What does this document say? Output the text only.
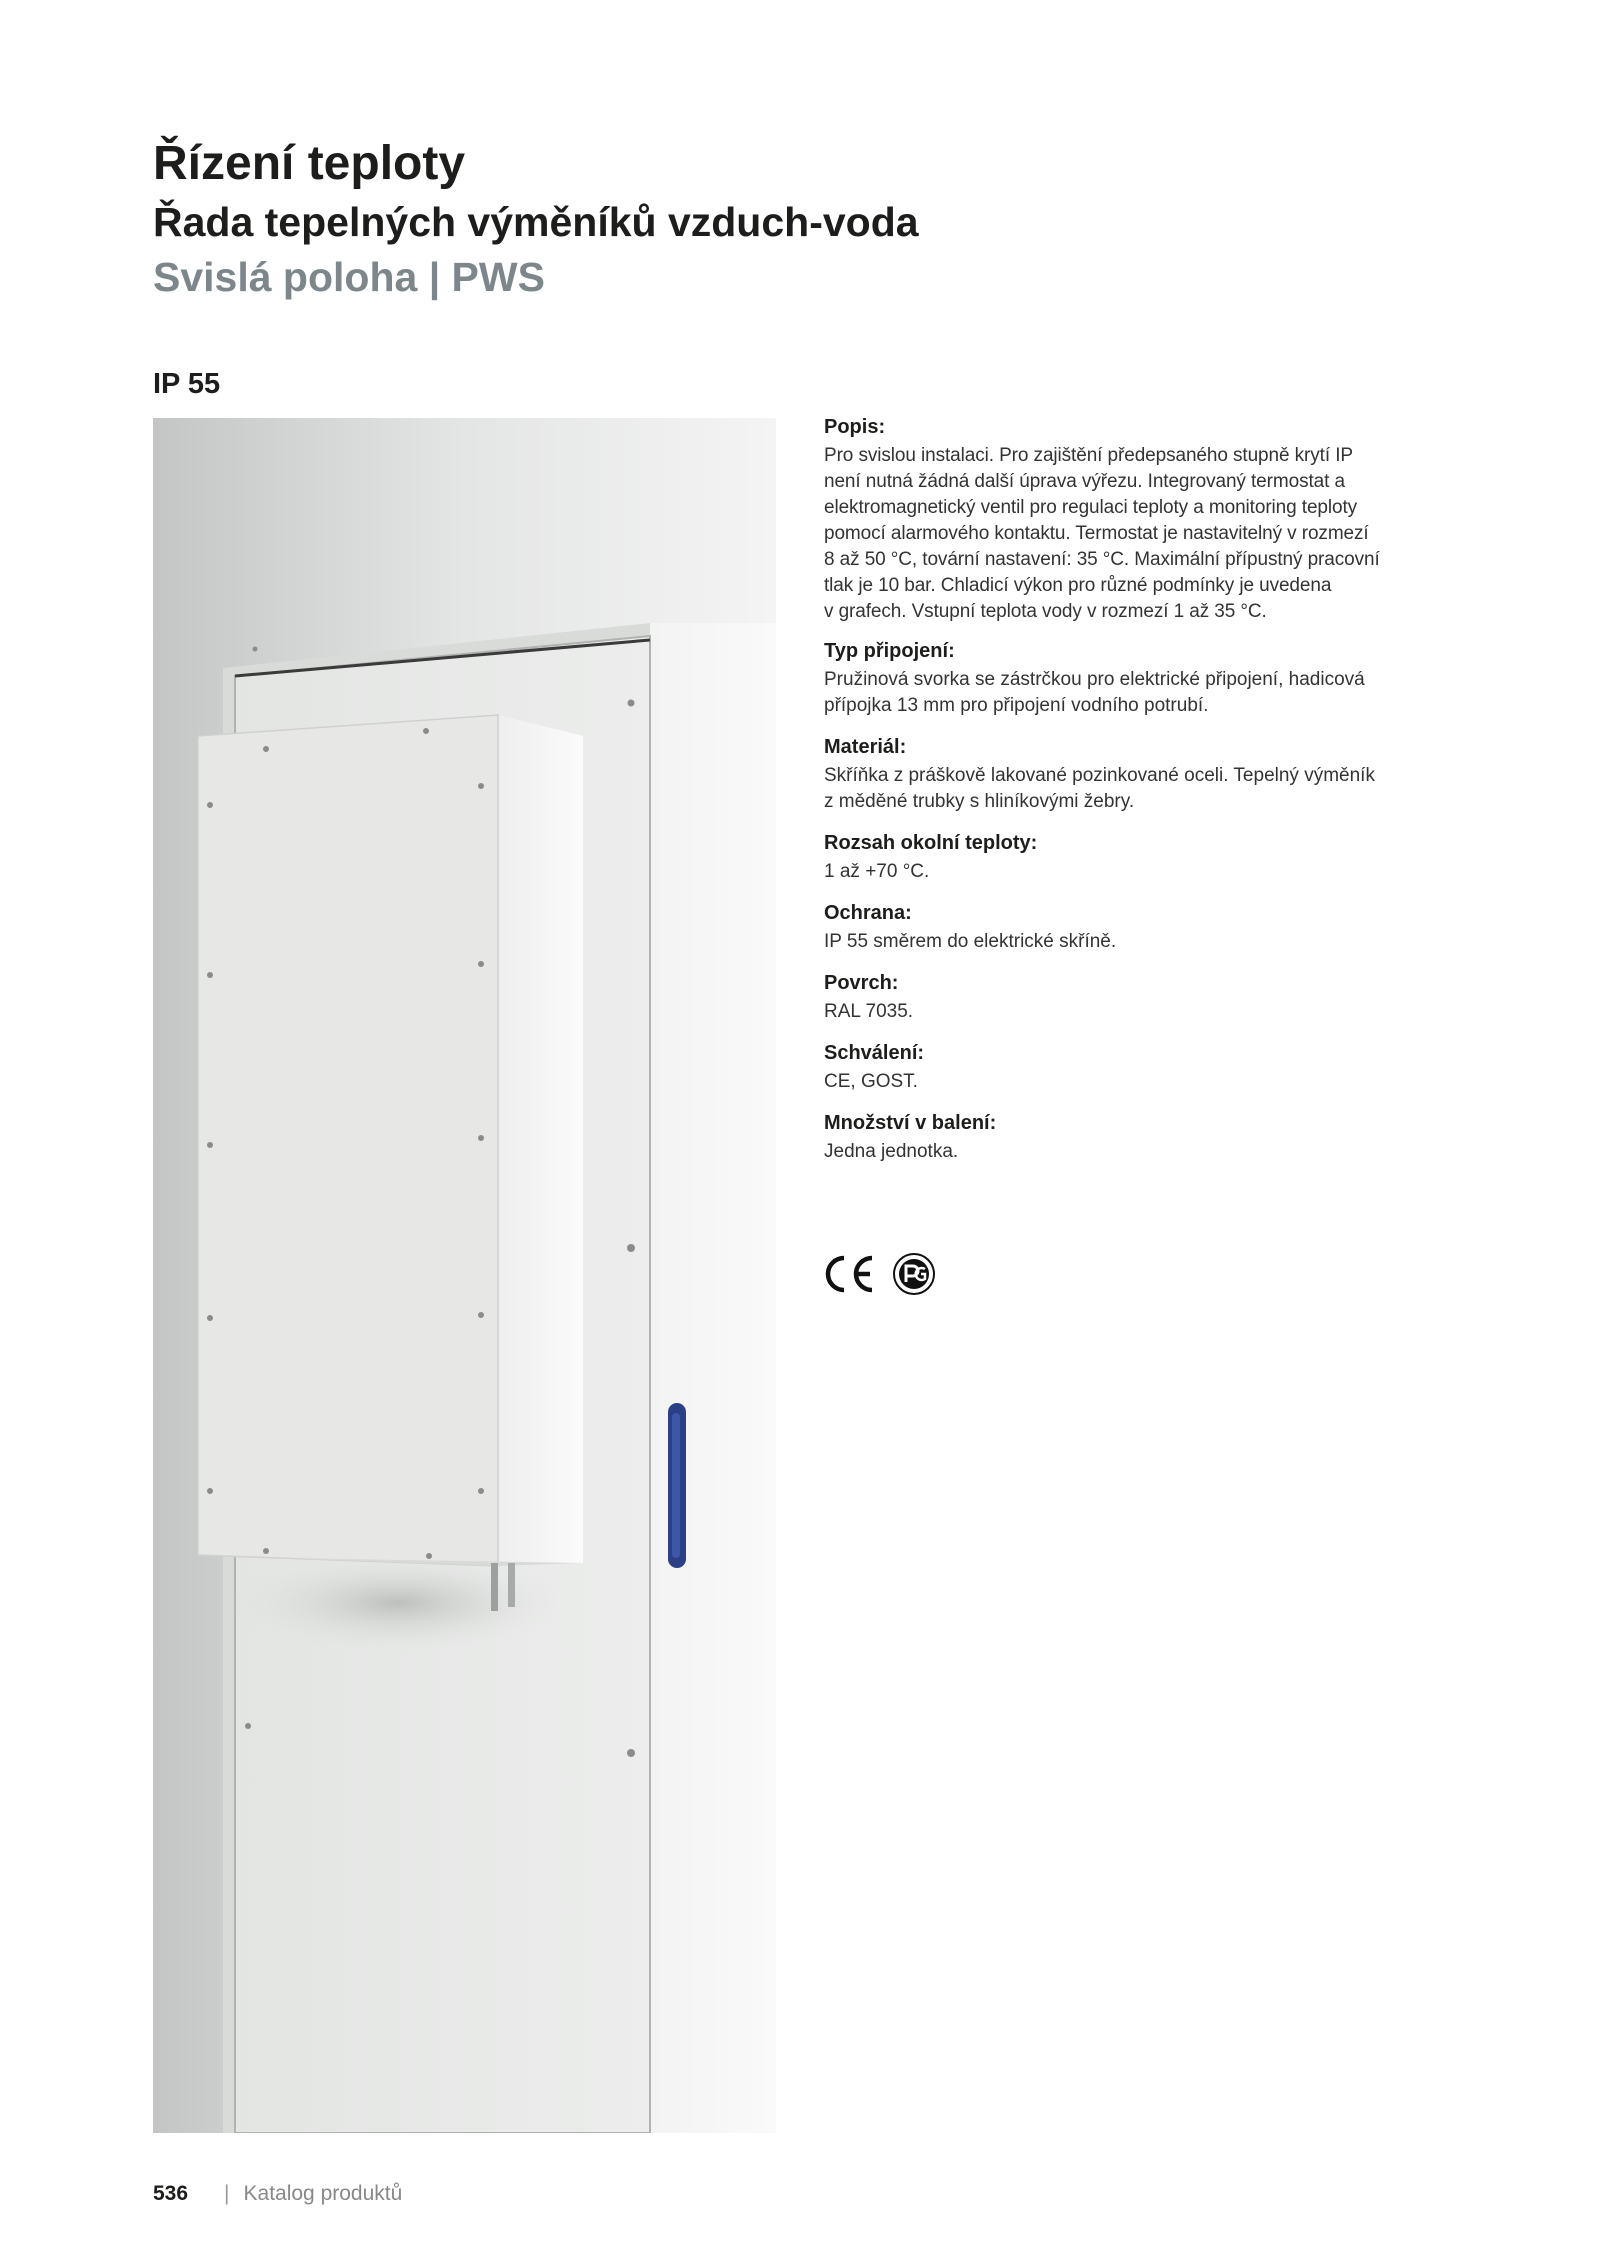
Řízení teploty
Řada tepelných výměníků vzduch-voda
Svislá poloha | PWS
IP 55
Popis:
Pro svislou instalaci. Pro zajištění předepsaného stupně krytí IP
není nutná žádná další úprava výřezu. Integrovaný termostat a
elektromagnetický ventil pro regulaci teploty a monitoring teploty
pomocí alarmového kontaktu. Termostat je nastavitelný v rozmezí
8 až 50 °C, tovární nastavení: 35 °C. Maximální přípustný pracovní
tlak je 10 bar. Chladicí výkon pro různé podmínky je uvedena
v grafech. Vstupní teplota vody v rozmezí 1 až 35 °C.
Typ připojení:
Pružinová svorka se zástrčkou pro elektrické připojení, hadicová
přípojka 13 mm pro připojení vodního potrubí.
Materiál:
Skříňka z práškově lakované pozinkované oceli. Tepelný výměník
z měděné trubky s hliníkovými žebry.
Rozsah okolní teploty:
1 až +70 °C.
Ochrana:
IP 55 směrem do elektrické skříně.
Povrch:
RAL 7035.
Schválení:
CE, GOST.
Množství v balení:
Jedna jednotka.
536 | Katalog produktů
